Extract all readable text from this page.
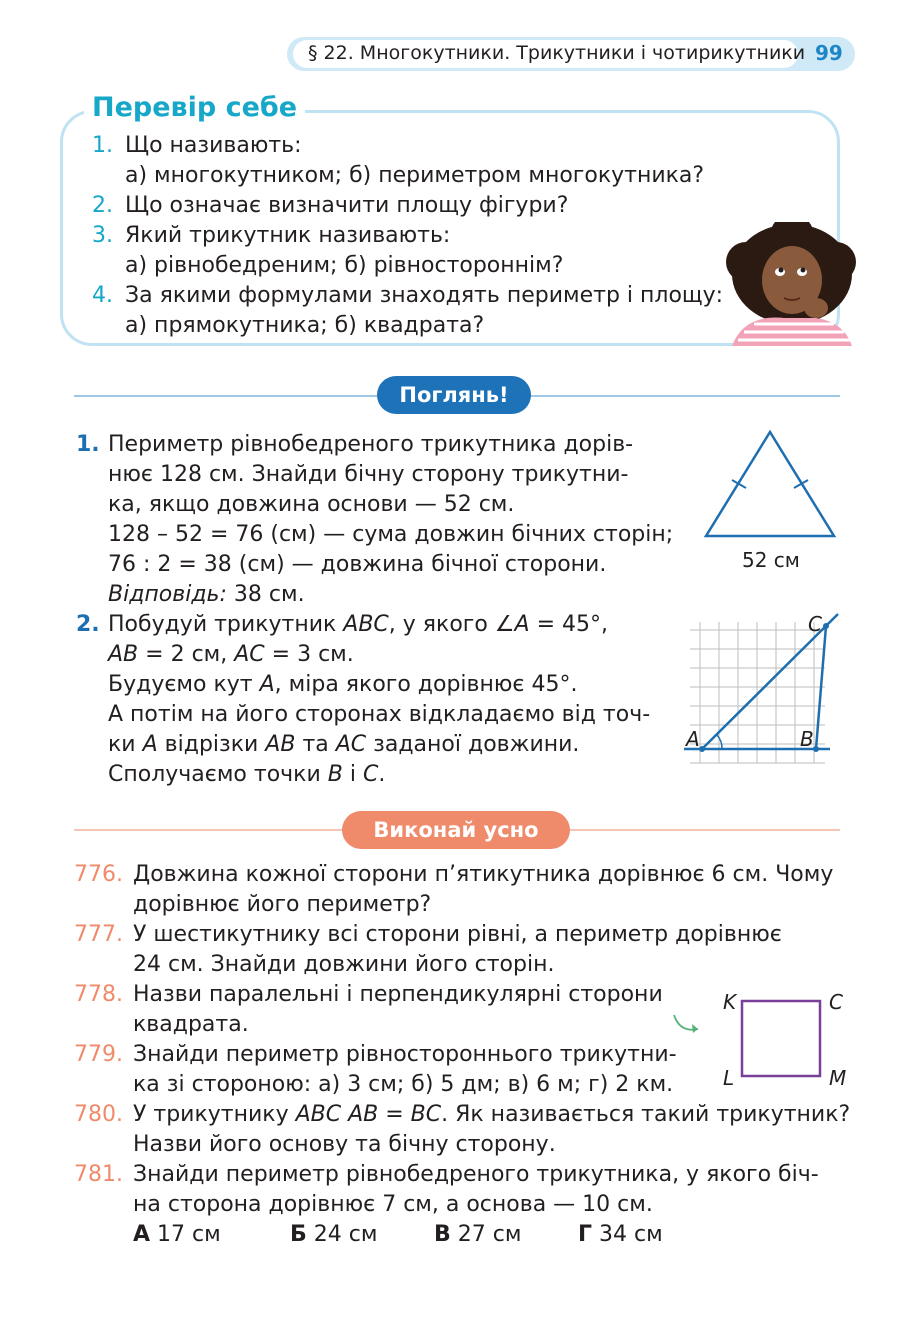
§ 22. Многокутники. Трикутники і чотирикутники 99
Перевір себе
1. Що називають:
а) многокутником; б) периметром многокутника?
2. Що означає визначити площу фігури?
3. Який трикутник називають:
а) рівнобедреним; б) рівностороннім?
4. За якими формулами знаходять периметр і площу:
а) прямокутника; б) квадрата?
Поглянь!
1. Периметр рівнобедреного трикутника дорів-
нює 128 см. Знайди бічну сторону трикутни-
ка, якщо довжина основи — 52 см.
128 – 52 = 76 (см) — сума довжин бічних сторін;
76 : 2 = 38 (см) — довжина бічної сторони.
Відповідь: 38 см.
52 см
2. Побудуй трикутник ABC, у якого ∠A = 45°,
AB = 2 см, AC = 3 см.
Будуємо кут A, міра якого дорівнює 45°.
А потім на його сторонах відкладаємо від точ-
ки A відрізки AB та AC заданої довжини.
Сполучаємо точки B і C.
A	B
C
Виконай усно
776. Довжина кожної сторони п’ятикутника дорівнює 6 см. Чому
дорівнює його периметр?
777. У шестикутнику всі сторони рівні, а периметр дорівнює
24 см. Знайди довжини його сторін.
778. Назви паралельні і перпендикулярні сторони
квадрата.
779. Знайди периметр рівностороннього трикутни-
ка зі стороною: а) 3 см; б) 5 дм; в) 6 м; г) 2 км.
780. У трикутнику ABC AB = BC. Як називається такий трикутник?
Назви його основу та бічну сторону.
781. Знайди периметр рівнобедреного трикутника, у якого біч-
на сторона дорівнює 7 см, а основа — 10 см.
А 17 см	Б 24 см	В 27 см	Г 34 см
K	C
L	M
